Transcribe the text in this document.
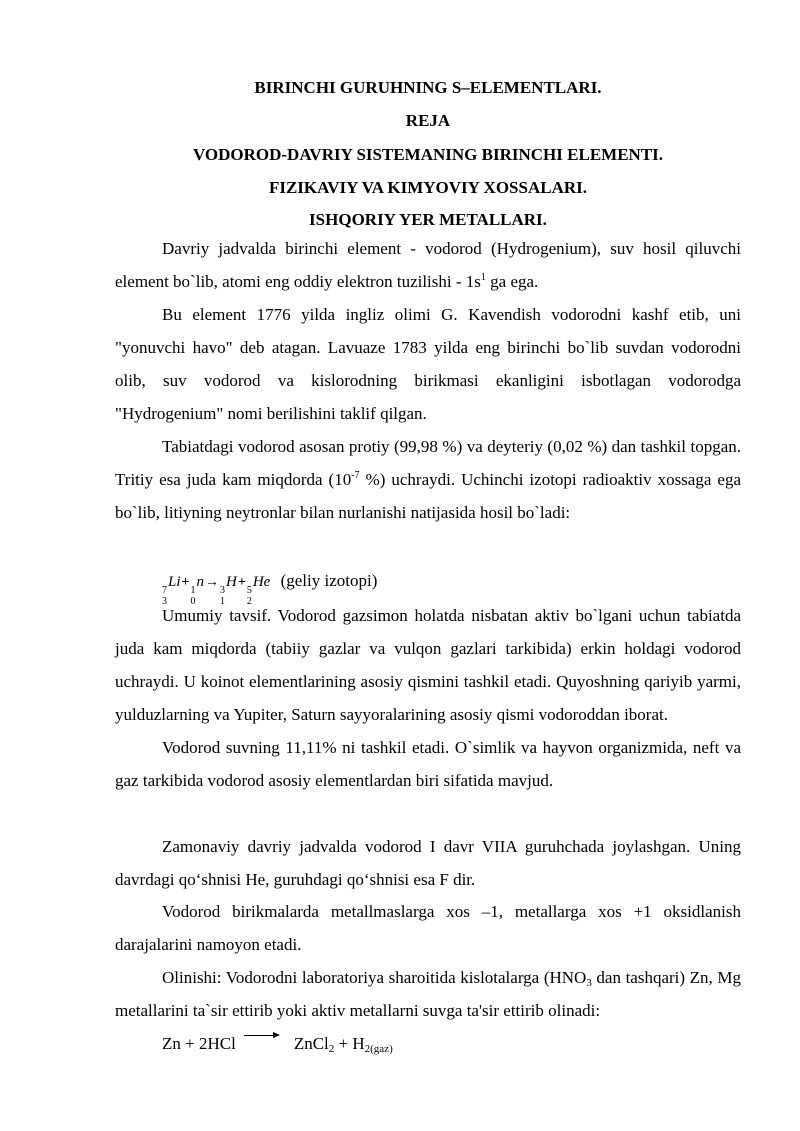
BIRINCHI GURUHNING S–ELEMENTLARI.
REJA
VODOROD-DAVRIY SISTEMANING BIRINCHI ELEMENTI.
FIZIKAVIY VA KIMYOVIY XOSSALARI.
ISHQORIY YER METALLARI.

Davriy jadvalda birinchi element - vodorod (Hydrogenium), suv hosil qiluvchi element bo`lib, atomi eng oddiy elektron tuzilishi - $1s^1$ ga ega.

Bu element 1776 yilda ingliz olimi G. Kavendish vodorodni kashf etib, uni "yonuvchi havo" deb atagan. Lavuaze 1783 yilda eng birinchi bo`lib suvdan vodorodni olib, suv vodorod va kislorodning birikmasi ekanligini isbotlagan vodorodga "Hydrogenium" nomi berilishini taklif qilgan.

Tabiatdagi vodorod asosan protiy (99,98 %) va deyteriy (0,02 %) dan tashkil topgan. Tritiy esa juda kam miqdorda ($10^{-7}$ %) uchraydi. Uchinchi izotopi radioaktiv xossaga ega bo`lib, litiyning neytronlar bilan nurlanishi natijasida hosil bo`ladi:

7
3
Li+
1
0
n→
3
1
H+
5
2
He (geliy izotopi)

Umumiy tavsif. Vodorod gazsimon holatda nisbatan aktiv bo`lgani uchun tabiatda juda kam miqdorda (tabiiy gazlar va vulqon gazlari tarkibida) erkin holdagi vodorod uchraydi. U koinot elementlarining asosiy qismini tashkil etadi. Quyoshning qariyib yarmi, yulduzlarning va Yupiter, Saturn sayyoralarining asosiy qismi vodoroddan iborat.

Vodorod suvning 11,11% ni tashkil etadi. O`simlik va hayvon organizmida, neft va gaz tarkibida vodorod asosiy elementlardan biri sifatida mavjud.

Zamonaviy davriy jadvalda vodorod I davr VIIA guruhchada joylashgan. Uning davrdagi qo‘shnisi He, guruhdagi qo‘shnisi esa F dir.

Vodorod birikmalarda metallmaslarga xos –1, metallarga xos +1 oksidlanish darajalarini namoyon etadi.

Olinishi: Vodorodni laboratoriya sharoitida kislotalarga ($HNO_3$ dan tashqari) Zn, Mg metallarini ta`sir ettirib yoki aktiv metallarni suvga ta'sir ettirib olinadi:

Zn + 2HCl	ZnCl$_2$ + $H_{2(gaz)}$
